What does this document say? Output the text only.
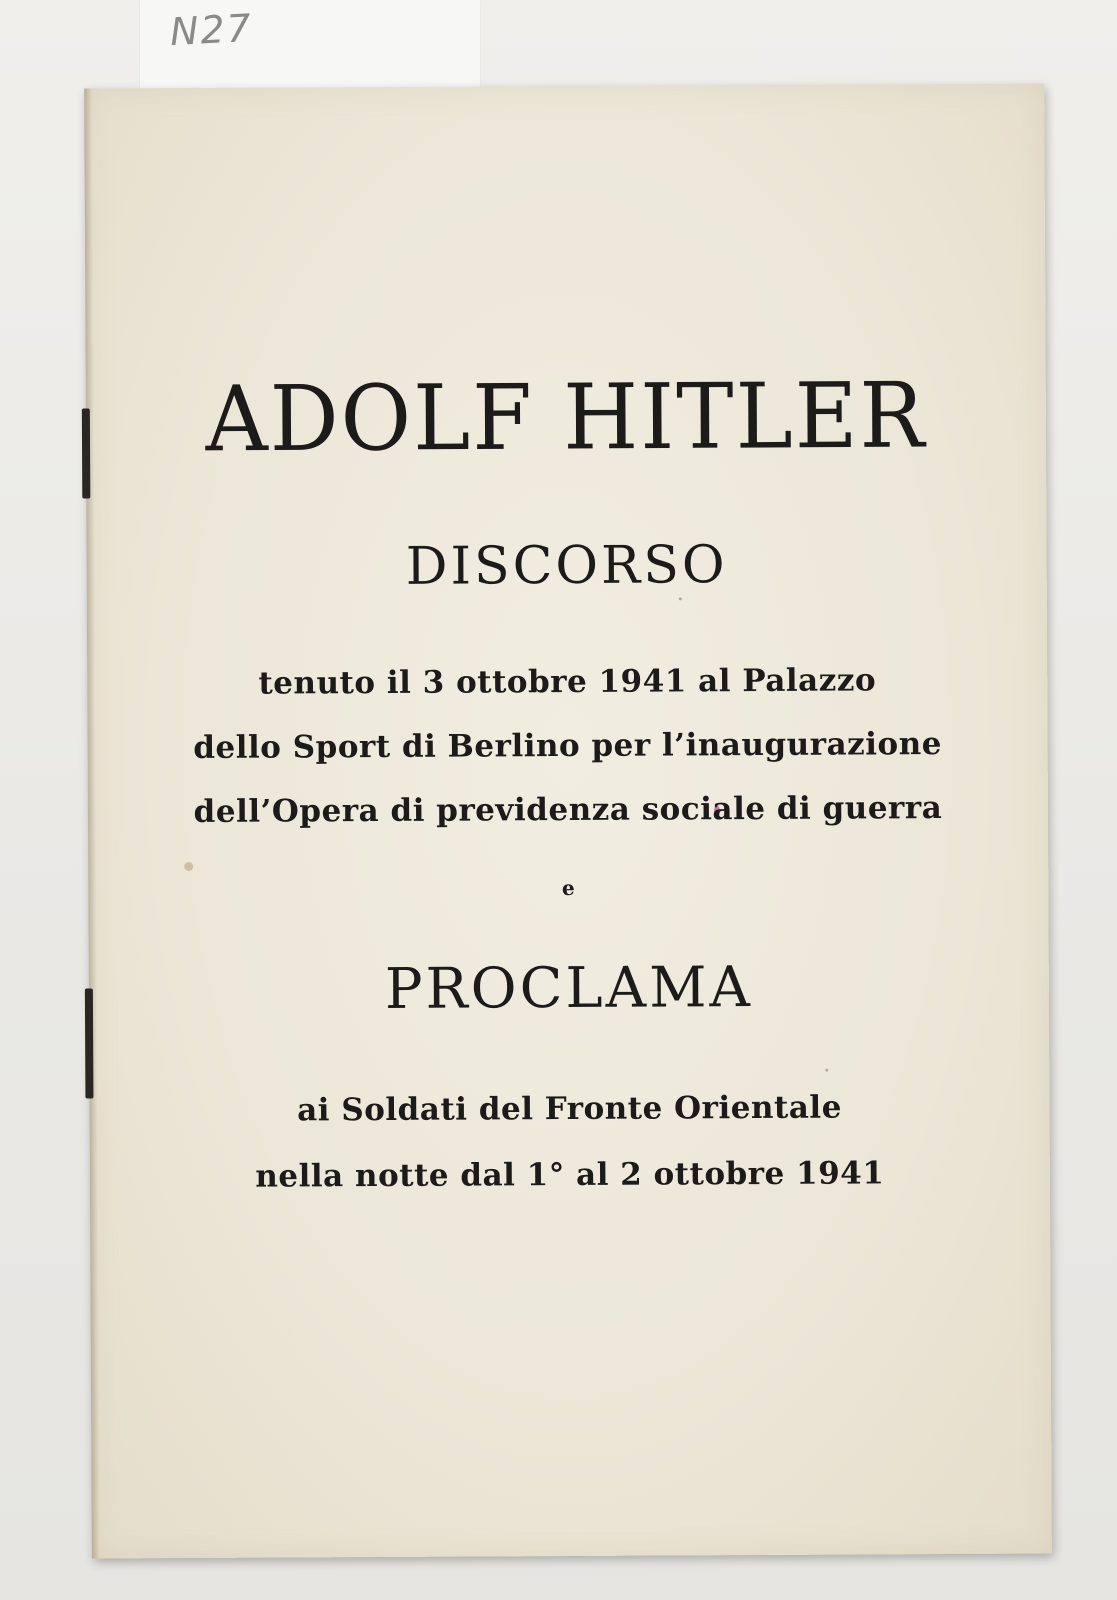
N27
ADOLF HITLER
DISCORSO
tenuto il 3 ottobre 1941 al Palazzo
dello Sport di Berlino per l’inaugurazione
dell’Opera di previdenza sociale di guerra
e
PROCLAMA
ai Soldati del Fronte Orientale
nella notte dal 1° al 2 ottobre 1941
